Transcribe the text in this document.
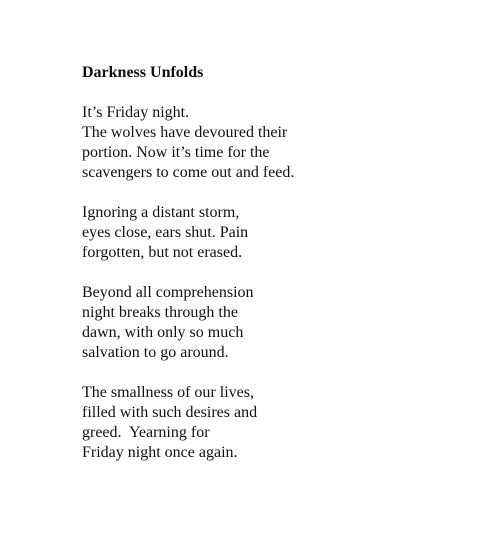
Darkness Unfolds
It’s Friday night.
The wolves have devoured their
portion. Now it’s time for the
scavengers to come out and feed.
Ignoring a distant storm,
eyes close, ears shut. Pain
forgotten, but not erased.
Beyond all comprehension
night breaks through the
dawn, with only so much
salvation to go around.
The smallness of our lives,
filled with such desires and
greed.  Yearning for
Friday night once again.
